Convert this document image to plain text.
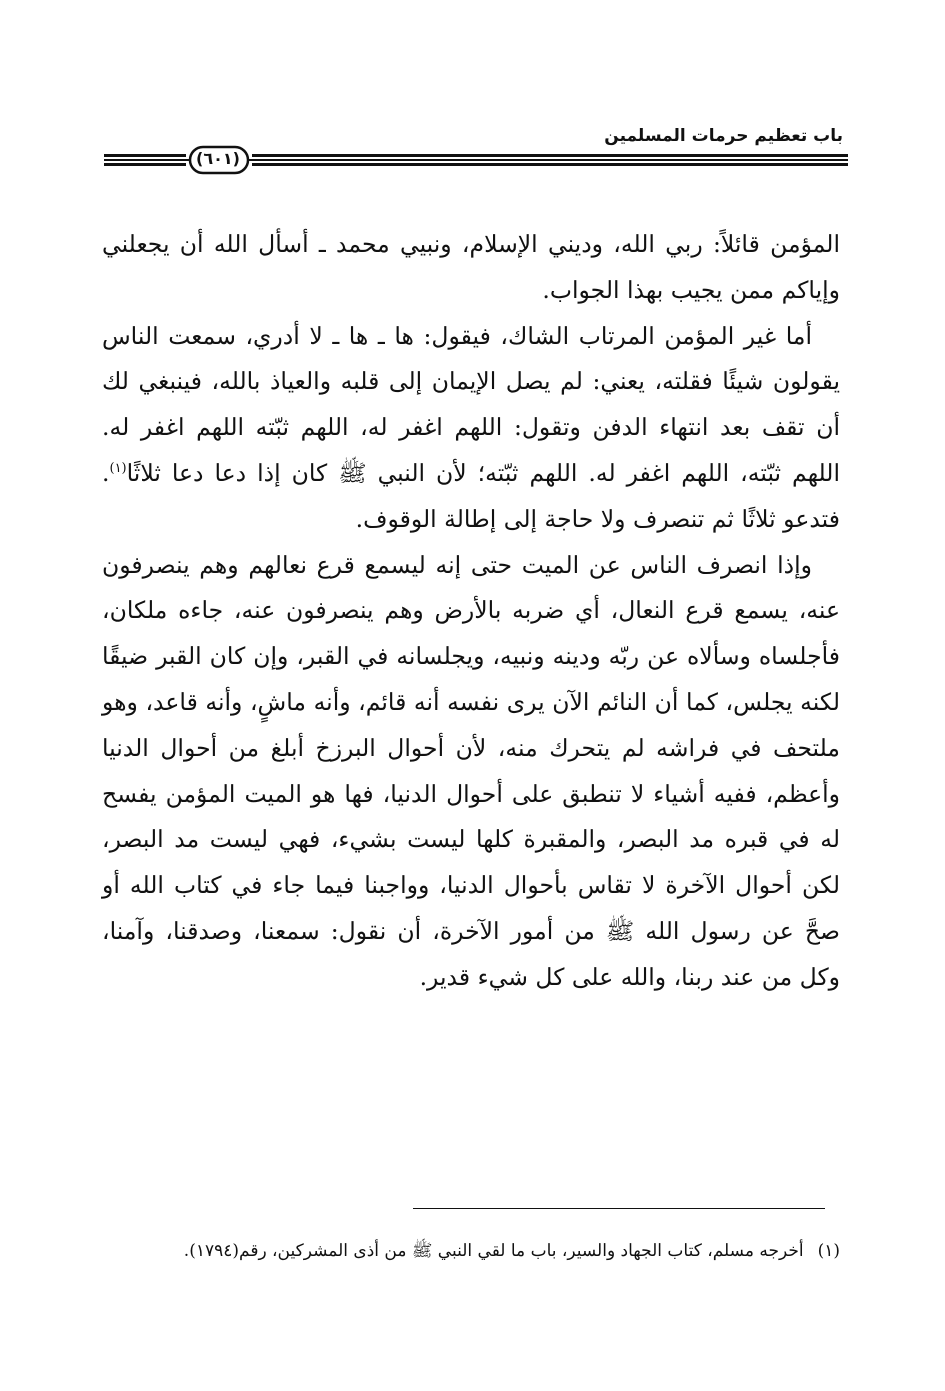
باب تعظيم حرمات المسلمين
(٦٠١)

المؤمن قائلاً: ربي الله، وديني الإسلام، ونبيي محمد ـ أسأل الله أن يجعلني وإياكم ممن يجيب بهذا الجواب.

أما غير المؤمن المرتاب الشاك، فيقول: ها ـ ها ـ لا أدري، سمعت الناس يقولون شيئًا فقلته، يعني: لم يصل الإيمان إلى قلبه والعياذ بالله، فينبغي لك أن تقف بعد انتهاء الدفن وتقول: اللهم اغفر له، اللهم ثبّته اللهم اغفر له. اللهم ثبّته، اللهم اغفر له. اللهم ثبّته؛ لأن النبي ﷺ كان إذا دعا دعا ثلاثًا$^{(١)}$. فتدعو ثلاثًا ثم تنصرف ولا حاجة إلى إطالة الوقوف.

وإذا انصرف الناس عن الميت حتى إنه ليسمع قرع نعالهم وهم ينصرفون عنه، يسمع قرع النعال، أي ضربه بالأرض وهم ينصرفون عنه، جاءه ملكان، فأجلساه وسألاه عن ربّه ودينه ونبيه، ويجلسانه في القبر، وإن كان القبر ضيقًا لكنه يجلس، كما أن النائم الآن يرى نفسه أنه قائم، وأنه ماشٍ، وأنه قاعد، وهو ملتحف في فراشه لم يتحرك منه، لأن أحوال البرزخ أبلغ من أحوال الدنيا وأعظم، ففيه أشياء لا تنطبق على أحوال الدنيا، فها هو الميت المؤمن يفسح له في قبره مد البصر، والمقبرة كلها ليست بشيء، فهي ليست مد البصر، لكن أحوال الآخرة لا تقاس بأحوال الدنيا، وواجبنا فيما جاء في كتاب الله أو صحَّ عن رسول الله ﷺ من أمور الآخرة، أن نقول: سمعنا، وصدقنا، وآمنا، وكل من عند ربنا، والله على كل شيء قدير.

(١)أخرجه مسلم، كتاب الجهاد والسير، باب ما لقي النبي ﷺ من أذى المشركين، رقم(١٧٩٤).
